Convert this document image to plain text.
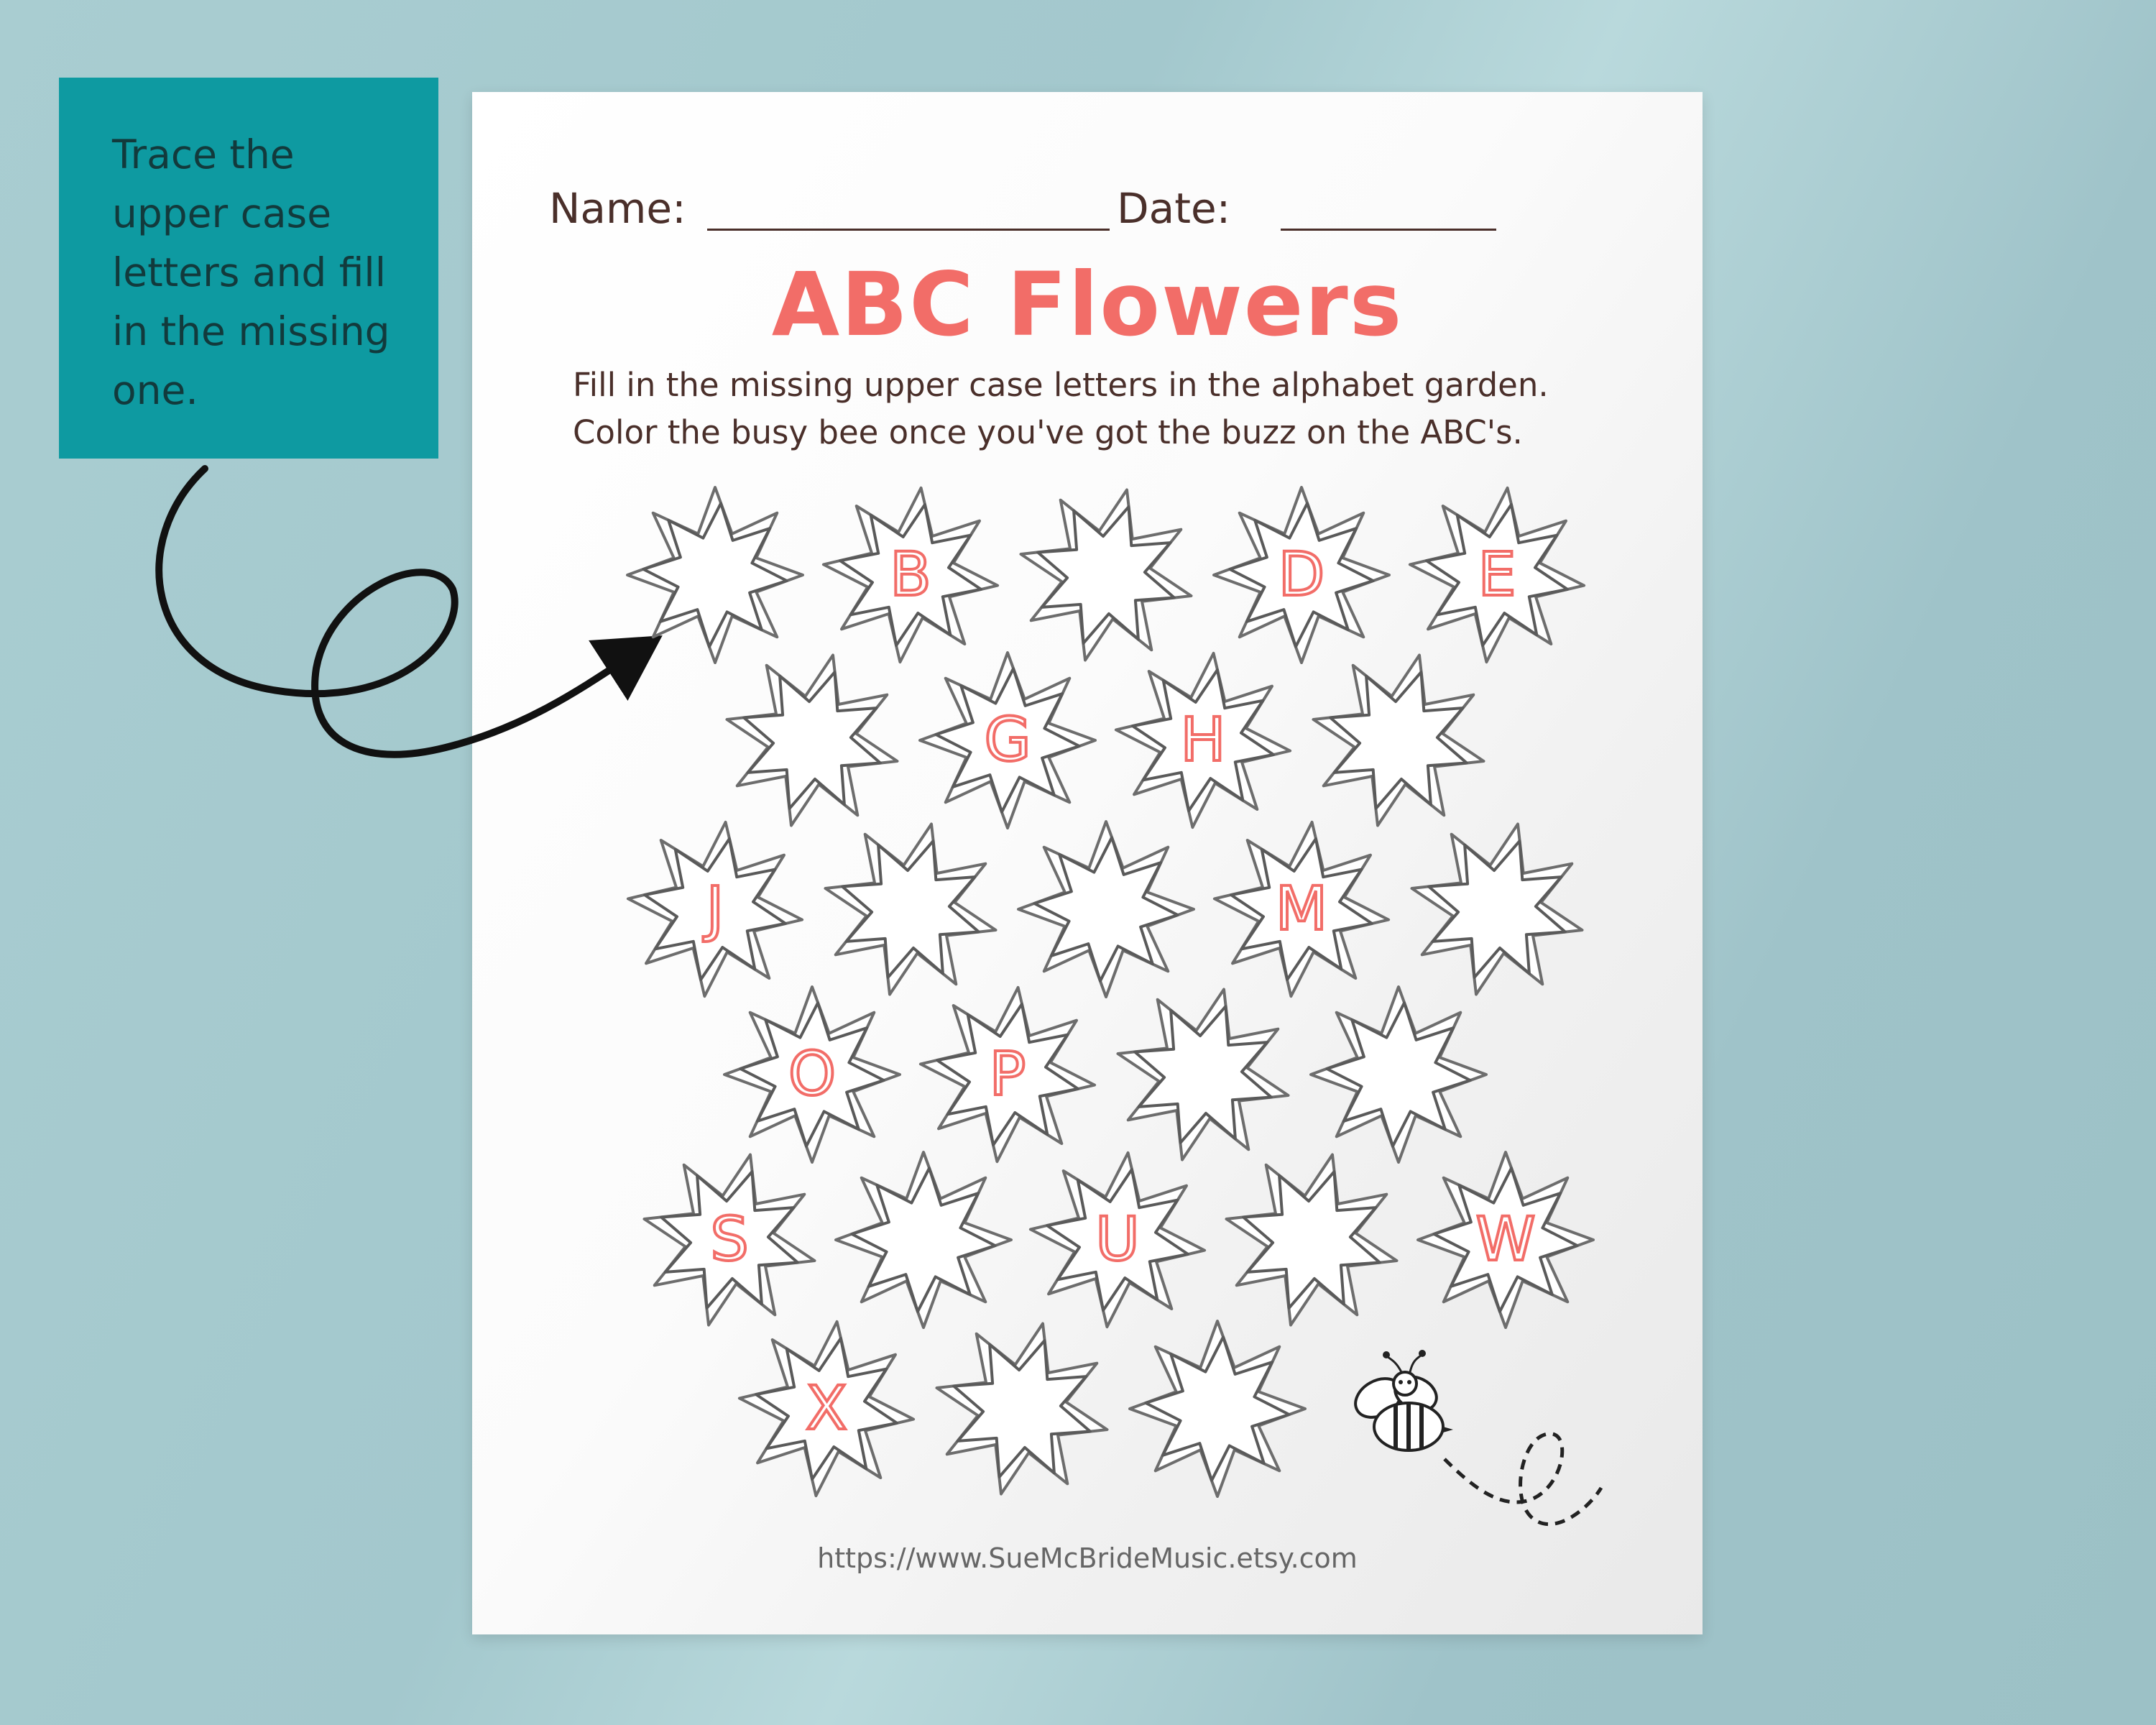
Trace the
upper case
letters and fill
in the missing
one.

Name:	Date:
ABC Flowers
Fill in the missing upper case letters in the alphabet garden.
Color the busy bee once you've got the buzz on the ABC's.
https://www.SueMcBrideMusic.etsy.com
B	D	E
G H
J	M
O	P
S	U	W
X
